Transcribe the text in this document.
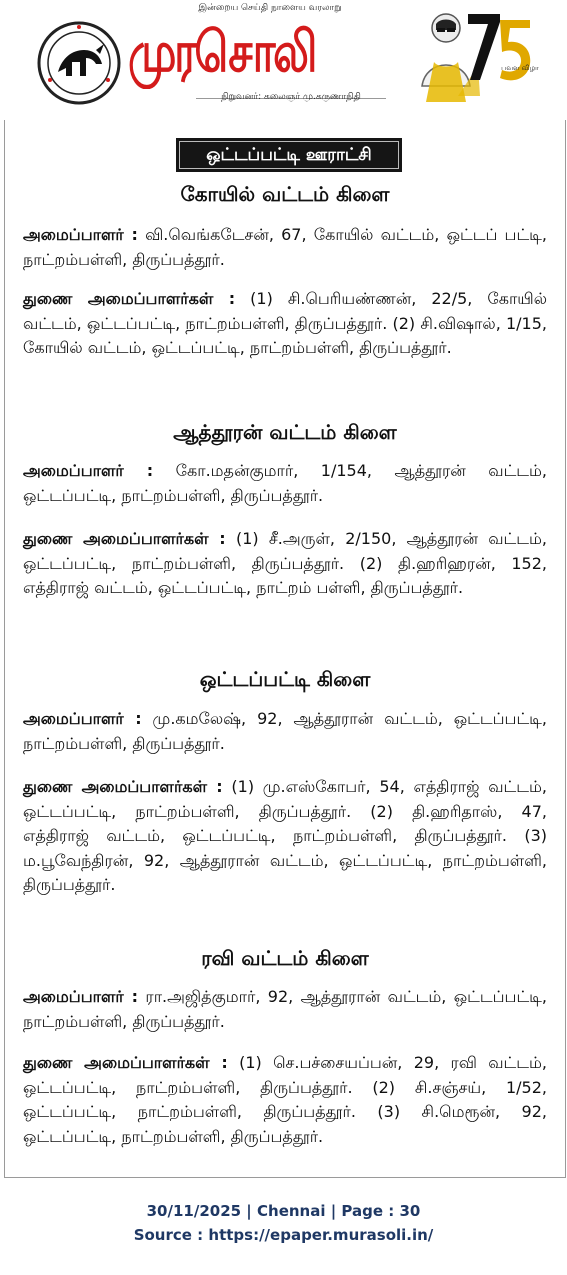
இன்றைய செய்தி நாளைய வரலாறு
முரசொலி
நிறுவனர்: கலைஞர் மு.கருணாநிதி
பவள விழா
ஒட்டப்பட்டி ஊராட்சி
கோயில் வட்டம் கிளை
அமைப்பாளர் : வி.வெங்கடேசன், 67, கோயில் வட்டம், ஒட்டப் பட்டி, நாட்றம்பள்ளி, திருப்பத்தூர்.
துணை அமைப்பாளர்கள் : (1) சி.பெரியண்ணன், 22/5, கோயில் வட்டம், ஒட்டப்பட்டி, நாட்றம்பள்ளி, திருப்பத்தூர். (2) சி.விஷால், 1/15, கோயில் வட்டம், ஒட்டப்பட்டி, நாட்றம்பள்ளி, திருப்பத்தூர்.
ஆத்தூரன் வட்டம் கிளை
அமைப்பாளர் : கோ.மதன்குமார், 1/154, ஆத்தூரன் வட்டம், ஒட்டப்பட்டி, நாட்றம்பள்ளி, திருப்பத்தூர்.
துணை அமைப்பாளர்கள் : (1) சீ.அருள், 2/150, ஆத்தூரன் வட்டம், ஒட்டப்பட்டி, நாட்றம்பள்ளி, திருப்பத்தூர். (2) தி.ஹரிஹரன், 152, எத்திராஜ் வட்டம், ஒட்டப்பட்டி, நாட்றம் பள்ளி, திருப்பத்தூர்.
ஒட்டப்பட்டி கிளை
அமைப்பாளர் : மு.கமலேஷ், 92, ஆத்தூரான் வட்டம், ஒட்டப்பட்டி, நாட்றம்பள்ளி, திருப்பத்தூர்.
துணை அமைப்பாளர்கள் : (1) மு.எஸ்கோபர், 54, எத்திராஜ் வட்டம், ஒட்டப்பட்டி, நாட்றம்பள்ளி, திருப்பத்தூர். (2) தி.ஹரிதாஸ், 47, எத்திராஜ் வட்டம், ஒட்டப்பட்டி, நாட்றம்பள்ளி, திருப்பத்தூர். (3) ம.பூவேந்திரன், 92, ஆத்தூரான் வட்டம், ஒட்டப்பட்டி, நாட்றம்பள்ளி, திருப்பத்தூர்.
ரவி வட்டம் கிளை
அமைப்பாளர் : ரா.அஜித்குமார், 92, ஆத்தூரான் வட்டம், ஒட்டப்பட்டி, நாட்றம்பள்ளி, திருப்பத்தூர்.
துணை அமைப்பாளர்கள் : (1) செ.பச்சையப்பன், 29, ரவி வட்டம், ஒட்டப்பட்டி, நாட்றம்பள்ளி, திருப்பத்தூர். (2) சி.சஞ்சய், 1/52, ஒட்டப்பட்டி, நாட்றம்பள்ளி, திருப்பத்தூர். (3) சி.மெரூன், 92, ஒட்டப்பட்டி, நாட்றம்பள்ளி, திருப்பத்தூர்.
30/11/2025 | Chennai | Page : 30
Source : https://epaper.murasoli.in/
